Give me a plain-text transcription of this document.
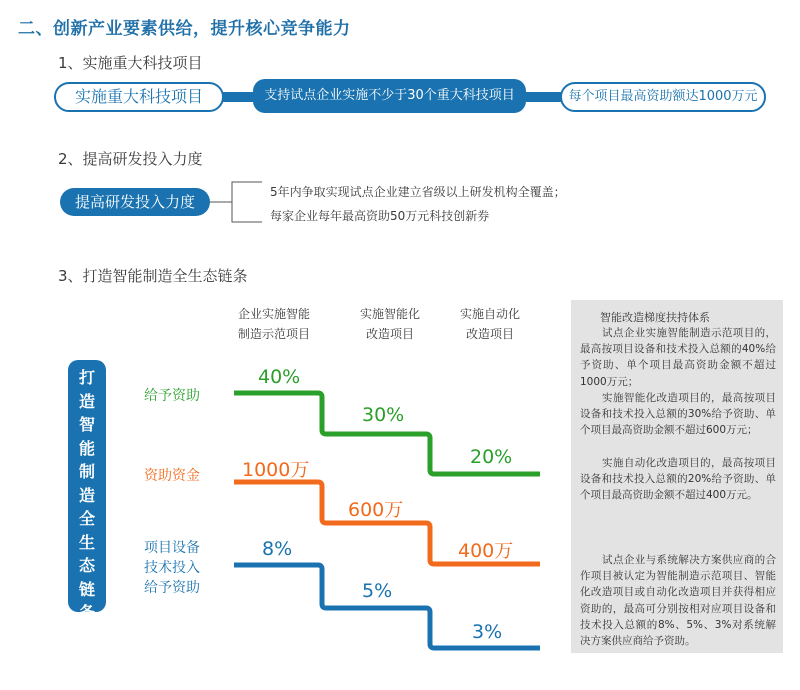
二、创新产业要素供给，提升核心竞争能力
1、实施重大科技项目
实施重大科技项目	支持试点企业实施不少于30个重大科技项目	每个项目最高资助额达1000万元
2、提高研发投入力度
提高研发投入力度
5年内争取实现试点企业建立省级以上研发机构全覆盖；
每家企业每年最高资助50万元科技创新券
3、打造智能制造全生态链条
企业实施智能
制造示范项目
实施智能化
改造项目
实施自动化
改造项目
打
造
智
能
制
造
全
生
态
链
条
给予资助
资助资金
项目设备
技术投入
给予资助
40%
30%
20%
1000万
600万
400万
8%
5%
3%
智能改造梯度扶持体系
试点企业实施智能制造示范项目的，最高按项目设备和技术投入总额的40%给予资助、单个项目最高资助金额不超过1000万元；
实施智能化改造项目的，最高按项目设备和技术投入总额的30%给予资助、单个项目最高资助金额不超过600万元；
实施自动化改造项目的，最高按项目设备和技术投入总额的20%给予资助、单个项目最高资助金额不超过400万元。
试点企业与系统解决方案供应商的合作项目被认定为智能制造示范项目、智能化改造项目或自动化改造项目并获得相应资助的，最高可分别按相对应项目设备和技术投入总额的8%、5%、3%对系统解决方案供应商给予资助。
